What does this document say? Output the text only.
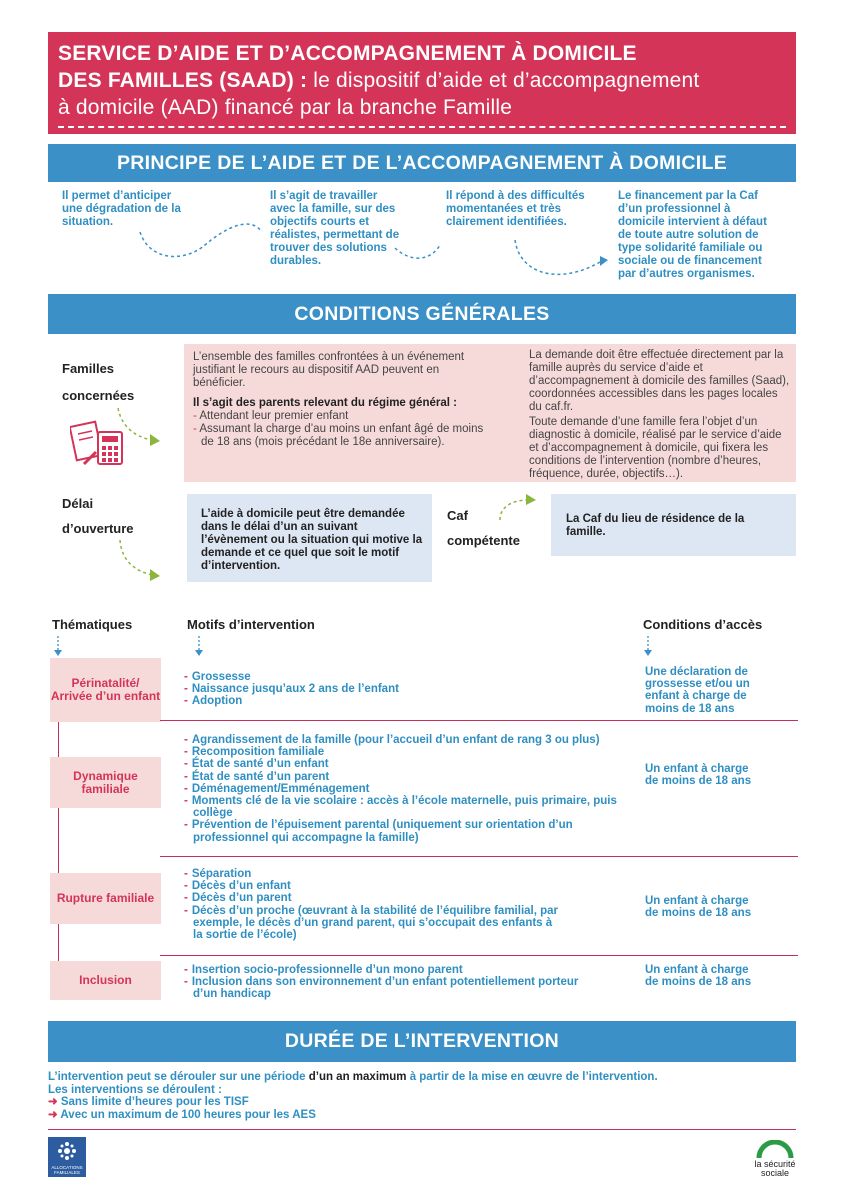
SERVICE D’AIDE ET D’ACCOMPAGNEMENT À DOMICILE
DES FAMILLES (SAAD) : le dispositif d’aide et d’accompagnement
à domicile (AAD) financé par la branche Famille
PRINCIPE DE L’AIDE ET DE L’ACCOMPAGNEMENT À DOMICILE
Il permet d’anticiper une dégradation de la situation.
Il s’agit de travailler avec la famille, sur des objectifs courts et réalistes, permettant de trouver des solutions durables.
Il répond à des difficultés momentanées et très clairement identifiées.
Le financement par la Caf d’un professionnel à domicile intervient à défaut de toute autre solution de type solidarité familiale ou sociale ou de financement par d’autres organismes.
CONDITIONS GÉNÉRALES
Familles
concernées
L’ensemble des familles confrontées à un événement justifiant le recours au dispositif AAD peuvent en bénéficier.
Il s’agit des parents relevant du régime général :
- Attendant leur premier enfant
- Assumant la charge d’au moins un enfant âgé de moins de 18 ans (mois précédant le 18e anniversaire).
La demande doit être effectuée directement par la famille auprès du service d’aide et d’accompagnement à domicile des familles (Saad), coordonnées accessibles dans les pages locales du caf.fr.
Toute demande d’une famille fera l’objet d’un diagnostic à domicile, réalisé par le service d’aide et d’accompagnement à domicile, qui fixera les conditions de l’intervention (nombre d’heures, fréquence, durée, objectifs…).
Délai
d’ouverture
L’aide à domicile peut être demandée dans le délai d’un an suivant l’évènement ou la situation qui motive la demande et ce quel que soit le motif d’intervention.
Caf
compétente
La Caf du lieu de résidence de la famille.
Thématiques	Motifs d’intervention	Conditions d’accès
Périnatalité/ Arrivée d’un enfant
- Grossesse
- Naissance jusqu’aux 2 ans de l’enfant
- Adoption
Une déclaration de grossesse et/ou un enfant à charge de moins de 18 ans
Dynamique familiale
- Agrandissement de la famille (pour l’accueil d’un enfant de rang 3 ou plus)
- Recomposition familiale
- État de santé d’un enfant
- État de santé d’un parent
- Déménagement/Emménagement
- Moments clé de la vie scolaire : accès à l’école maternelle, puis primaire, puis collège
- Prévention de l’épuisement parental (uniquement sur orientation d’un professionnel qui accompagne la famille)
Un enfant à charge de moins de 18 ans
Rupture familiale
- Séparation
- Décès d’un enfant
- Décès d’un parent
- Décès d’un proche (œuvrant à la stabilité de l’équilibre familial, par exemple, le décès d’un grand parent, qui s’occupait des enfants à la sortie de l’école)
Un enfant à charge de moins de 18 ans
Inclusion
- Insertion socio-professionnelle d’un mono parent
- Inclusion dans son environnement d’un enfant potentiellement porteur d’un handicap
Un enfant à charge de moins de 18 ans
DURÉE DE L’INTERVENTION
L’intervention peut se dérouler sur une période d’un an maximum à partir de la mise en œuvre de l’intervention.
Les interventions se déroulent :
➜ Sans limite d’heures pour les TISF
➜ Avec un maximum de 100 heures pour les AES
ALLOCATIONS FAMILIALES
la sécurité
sociale
